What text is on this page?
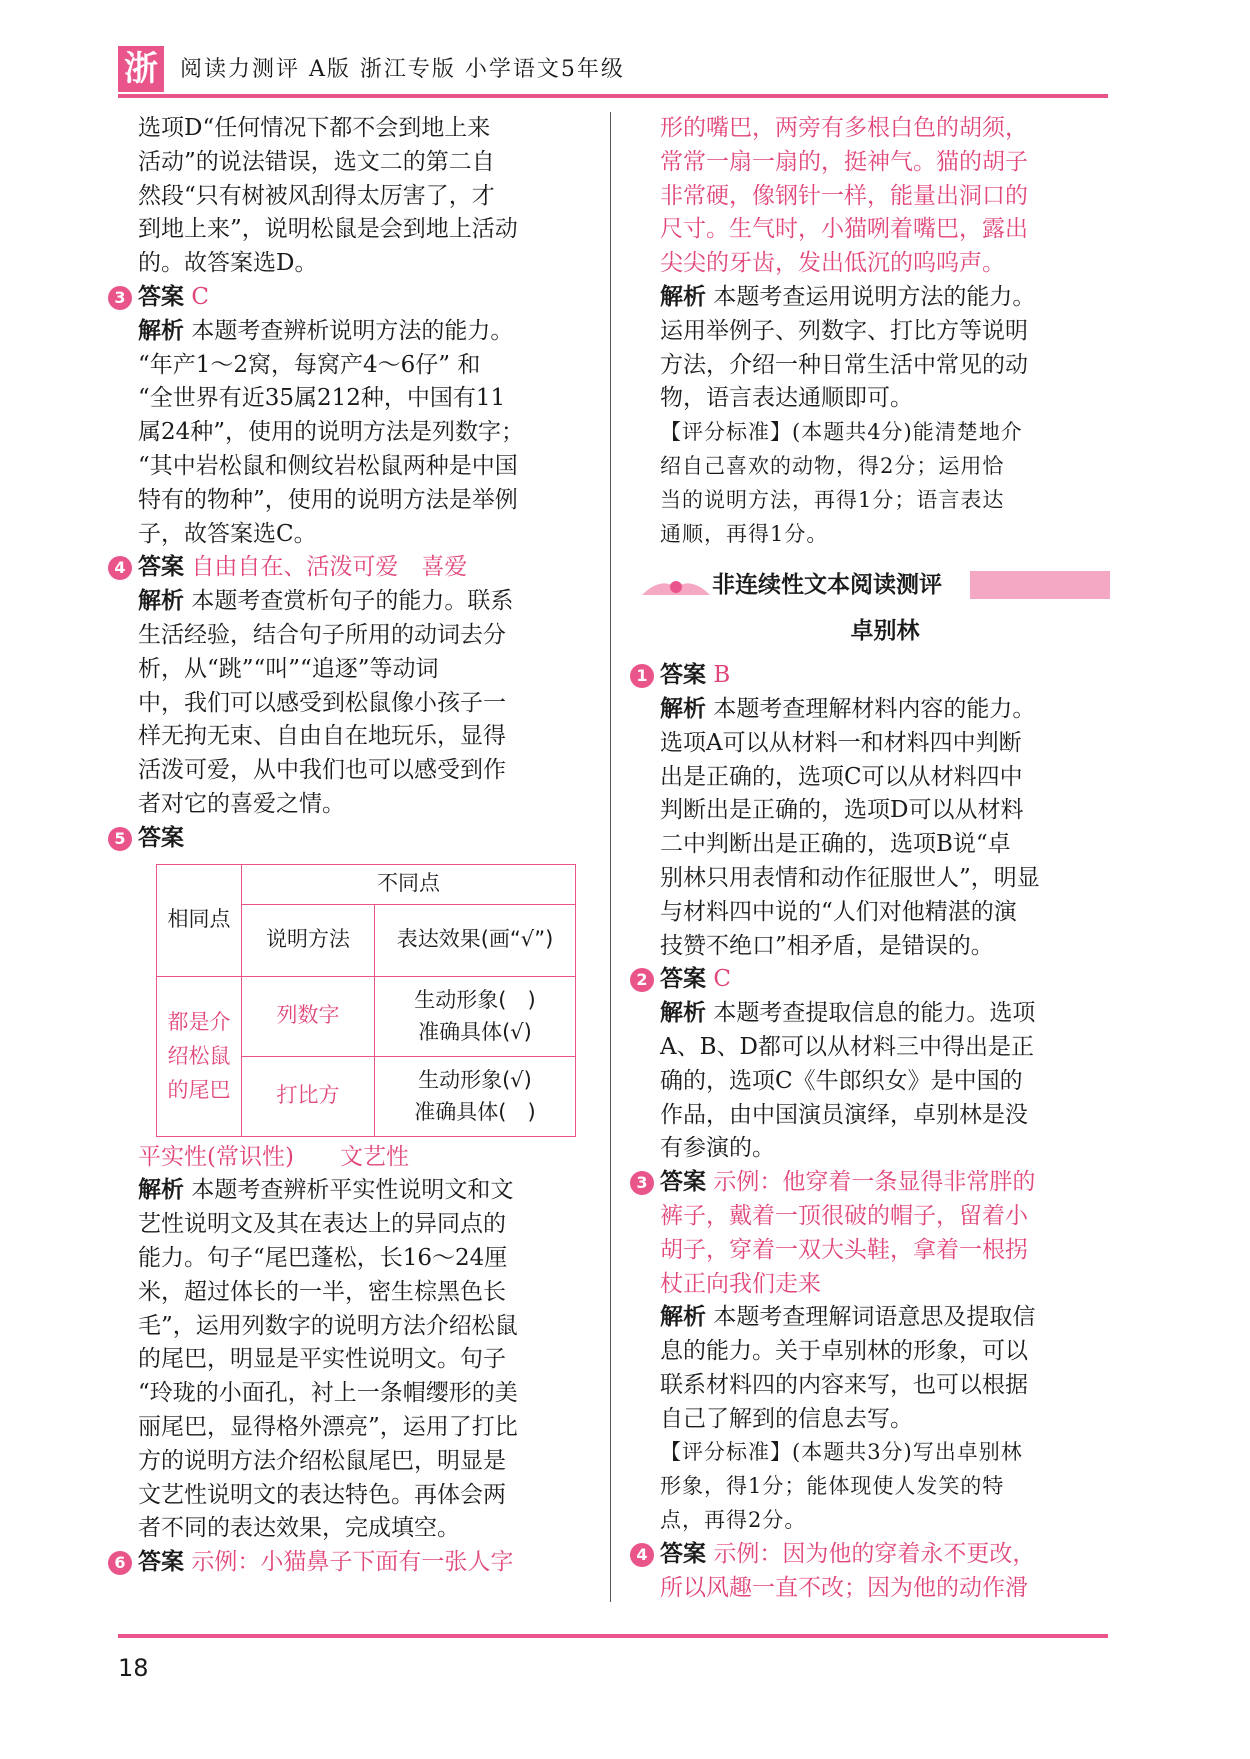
浙 阅读力测评 A版 浙江专版 小学语文5年级

选项D“任何情况下都不会到地上来

活动”的说法错误，选文二的第二自

然段“只有树被风刮得太厉害了，才

到地上来”，说明松鼠是会到地上活动

的。故答案选D。

3 答案 C

解析 本题考查辨析说明方法的能力。

“年产1～2窝，每窝产4～6仔” 和

“全世界有近35属212种，中国有11

属24种”，使用的说明方法是列数字；

“其中岩松鼠和侧纹岩松鼠两种是中国

特有的物种”，使用的说明方法是举例

子，故答案选C。

4 答案 自由自在、活泼可爱　喜爱

解析 本题考查赏析句子的能力。联系

生活经验，结合句子所用的动词去分

析，从“跳”“叫”“追逐”等动词

中，我们可以感受到松鼠像小孩子一

样无拘无束、自由自在地玩乐，显得

活泼可爱，从中我们也可以感受到作

者对它的喜爱之情。

5 答案

相同点	不同点	
	说明方法	表达效果(画“√”)
都是介绍松鼠的尾巴	列数字	生动形象(　)
准确具体(√)

	打比方	生动形象(√)
准确具体(　)

平实性(常识性)　　文艺性

解析 本题考查辨析平实性说明文和文

艺性说明文及其在表达上的异同点的

能力。句子“尾巴蓬松，长16～24厘

米，超过体长的一半，密生棕黑色长

毛”，运用列数字的说明方法介绍松鼠

的尾巴，明显是平实性说明文。句子

“玲珑的小面孔，衬上一条帽缨形的美

丽尾巴，显得格外漂亮”，运用了打比

方的说明方法介绍松鼠尾巴，明显是

文艺性说明文的表达特色。再体会两

者不同的表达效果，完成填空。

6 答案 示例：小猫鼻子下面有一张人字

形的嘴巴，两旁有多根白色的胡须，

常常一扇一扇的，挺神气。猫的胡子

非常硬，像钢针一样，能量出洞口的

尺寸。生气时，小猫咧着嘴巴，露出

尖尖的牙齿，发出低沉的呜呜声。

解析 本题考查运用说明方法的能力。

运用举例子、列数字、打比方等说明

方法，介绍一种日常生活中常见的动

物，语言表达通顺即可。

【评分标准】(本题共4分)能清楚地介

绍自己喜欢的动物，得2分；运用恰

当的说明方法，再得1分；语言表达

通顺，再得1分。

非连续性文本阅读测评
卓别林

1 答案 B

解析 本题考查理解材料内容的能力。

选项A可以从材料一和材料四中判断

出是正确的，选项C可以从材料四中

判断出是正确的，选项D可以从材料

二中判断出是正确的，选项B说“卓

别林只用表情和动作征服世人”，明显

与材料四中说的“人们对他精湛的演

技赞不绝口”相矛盾，是错误的。

2 答案 C

解析 本题考查提取信息的能力。选项

A、B、D都可以从材料三中得出是正

确的，选项C《牛郎织女》是中国的

作品，由中国演员演绎，卓别林是没

有参演的。

3 答案 示例：他穿着一条显得非常胖的

裤子，戴着一顶很破的帽子，留着小

胡子，穿着一双大头鞋，拿着一根拐

杖正向我们走来

解析 本题考查理解词语意思及提取信

息的能力。关于卓别林的形象，可以

联系材料四的内容来写，也可以根据

自己了解到的信息去写。

【评分标准】(本题共3分)写出卓别林

形象，得1分；能体现使人发笑的特

点，再得2分。

4 答案 示例：因为他的穿着永不更改，

所以风趣一直不改；因为他的动作滑

18
